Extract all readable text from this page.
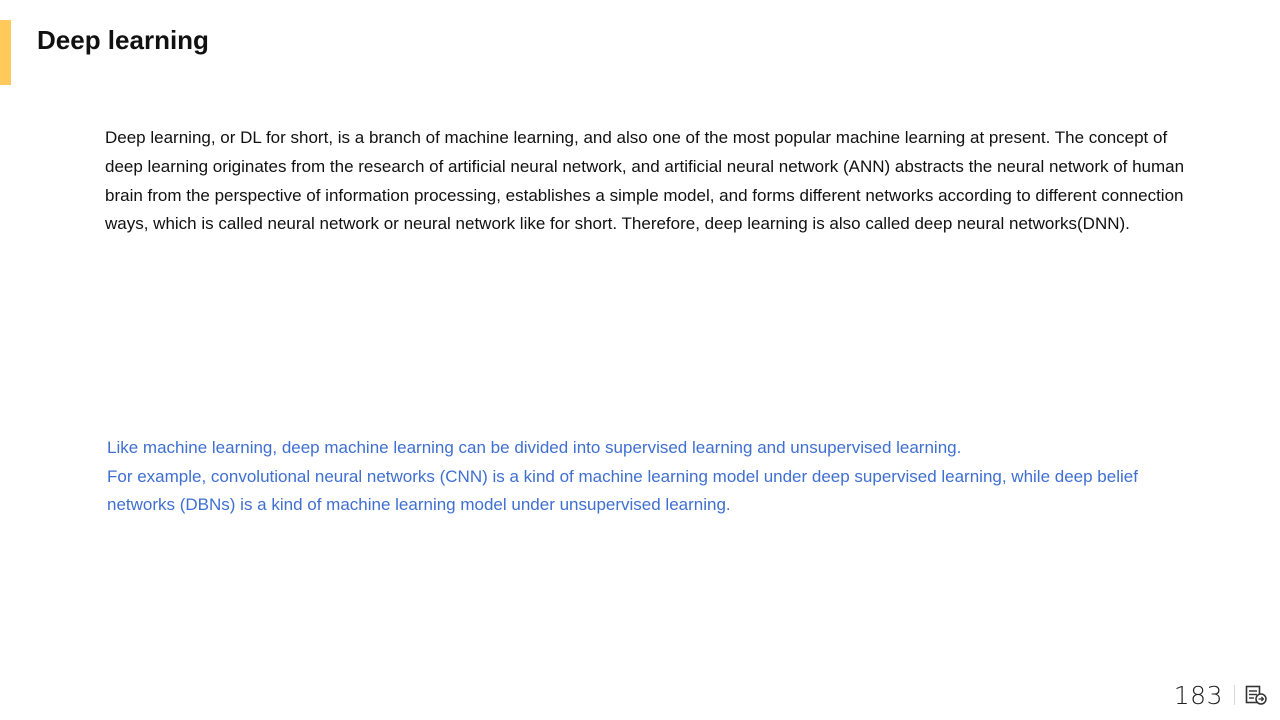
Deep learning

Deep learning, or DL for short, is a branch of machine learning, and also one of the most popular machine learning at present. The concept of deep learning originates from the research of artificial neural network, and artificial neural network (ANN) abstracts the neural network of human brain from the perspective of information processing, establishes a simple model, and forms different networks according to different connection ways, which is called neural network or neural network like for short. Therefore, deep learning is also called deep neural networks(DNN).

Like machine learning, deep machine learning can be divided into supervised learning and unsupervised learning.
For example, convolutional neural networks (CNN) is a kind of machine learning model under deep supervised learning, while deep belief networks (DBNs) is a kind of machine learning model under unsupervised learning.
183
